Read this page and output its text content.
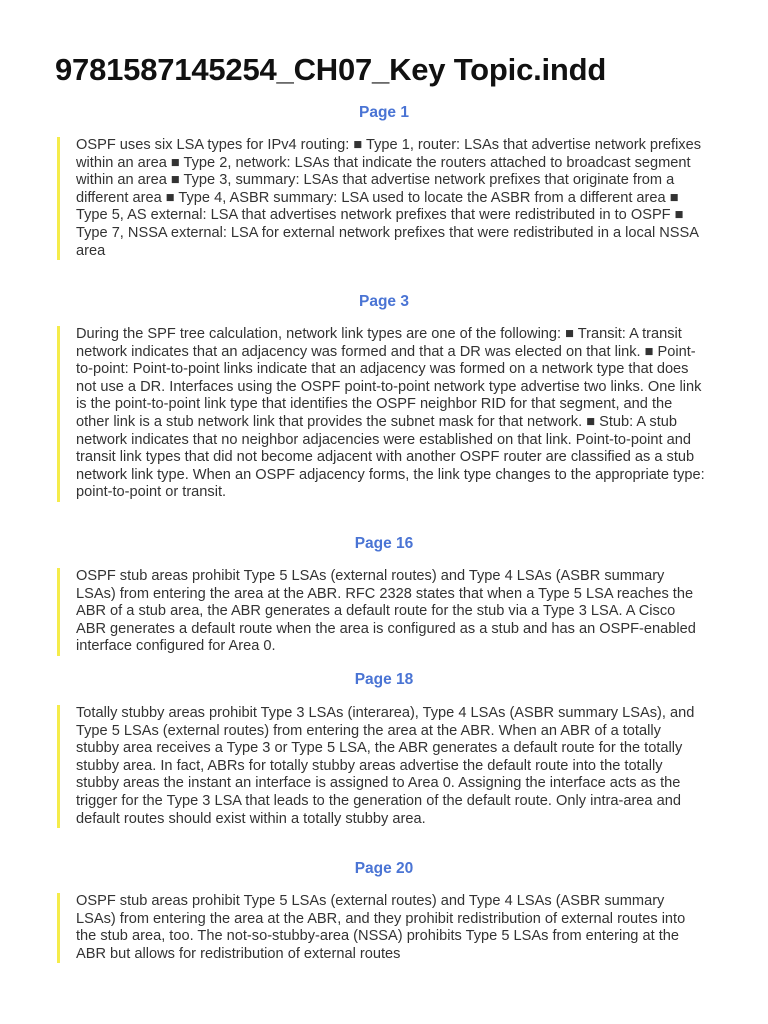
9781587145254_CH07_Key Topic.indd
Page 1

OSPF uses six LSA types for IPv4 routing: ■ Type 1, router: LSAs that advertise network prefixes within an area ■ Type 2, network: LSAs that indicate the routers attached to broadcast segment within an area ■ Type 3, summary: LSAs that advertise network prefixes that originate from a different area ■ Type 4, ASBR summary: LSA used to locate the ASBR from a different area ■ Type 5, AS external: LSA that advertises network prefixes that were redistributed in to OSPF ■ Type 7, NSSA external: LSA for external network prefixes that were redistributed in a local NSSA area

Page 3

During the SPF tree calculation, network link types are one of the following: ■ Transit: A transit network indicates that an adjacency was formed and that a DR was elected on that link. ■ Point-to-point: Point-to-point links indicate that an adjacency was formed on a network type that does not use a DR. Interfaces using the OSPF point-to-point network type advertise two links. One link is the point-to-point link type that identifies the OSPF neighbor RID for that segment, and the other link is a stub network link that provides the subnet mask for that network. ■ Stub: A stub network indicates that no neighbor adjacencies were established on that link. Point-to-point and transit link types that did not become adjacent with another OSPF router are classified as a stub network link type. When an OSPF adjacency forms, the link type changes to the appropriate type: point-to-point or transit.

Page 16

OSPF stub areas prohibit Type 5 LSAs (external routes) and Type 4 LSAs (ASBR summary LSAs) from entering the area at the ABR. RFC 2328 states that when a Type 5 LSA reaches the ABR of a stub area, the ABR generates a default route for the stub via a Type 3 LSA. A Cisco ABR generates a default route when the area is configured as a stub and has an OSPF-enabled interface configured for Area 0.

Page 18

Totally stubby areas prohibit Type 3 LSAs (interarea), Type 4 LSAs (ASBR summary LSAs), and Type 5 LSAs (external routes) from entering the area at the ABR. When an ABR of a totally stubby area receives a Type 3 or Type 5 LSA, the ABR generates a default route for the totally stubby area. In fact, ABRs for totally stubby areas advertise the default route into the totally stubby areas the instant an interface is assigned to Area 0. Assigning the interface acts as the trigger for the Type 3 LSA that leads to the generation of the default route. Only intra-area and default routes should exist within a totally stubby area.

Page 20

OSPF stub areas prohibit Type 5 LSAs (external routes) and Type 4 LSAs (ASBR summary LSAs) from entering the area at the ABR, and they prohibit redistribution of external routes into the stub area, too. The not-so-stubby-area (NSSA) prohibits Type 5 LSAs from entering at the ABR but allows for redistribution of external routes
